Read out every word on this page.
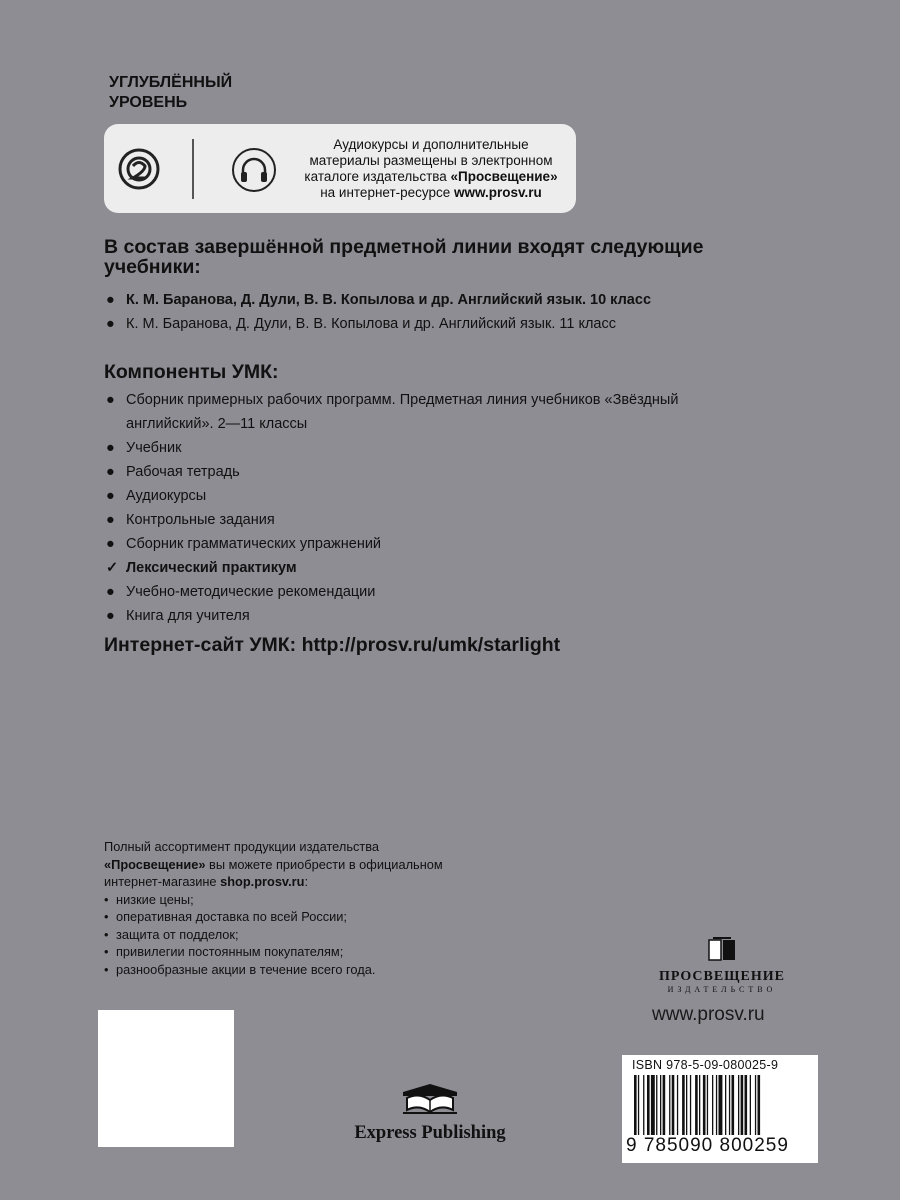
УГЛУБЛЁННЫЙ
УРОВЕНЬ
Аудиокурсы и дополнительные
материалы размещены в электронном
каталоге издательства «Просвещение»
на интернет-ресурсе www.prosv.ru
В состав завершённой предметной линии входят следующие учебники:
● К. М. Баранова, Д. Дули, В. В. Копылова и др. Английский язык. 10 класс
● К. М. Баранова, Д. Дули, В. В. Копылова и др. Английский язык. 11 класс
Компоненты УМК:
● Сборник примерных рабочих программ. Предметная линия учебников «Звёздный английский». 2—11 классы
● Учебник
● Рабочая тетрадь
● Аудиокурсы
● Контрольные задания
● Сборник грамматических упражнений
✓ Лексический практикум
● Учебно-методические рекомендации
● Книга для учителя
Интернет-сайт УМК: http://prosv.ru/umk/starlight
Полный ассортимент продукции издательства
«Просвещение» вы можете приобрести в официальном
интернет-магазине shop.prosv.ru:
• низкие цены;
• оперативная доставка по всей России;
• защита от подделок;
• привилегии постоянным покупателям;
• разнообразные акции в течение всего года.	ПРОСВЕЩЕНИЕ
ИЗДАТЕЛЬСТВО
www.prosv.ru
Express Publishing
ISBN 978-5-09-080025-9
9 785090 800259
